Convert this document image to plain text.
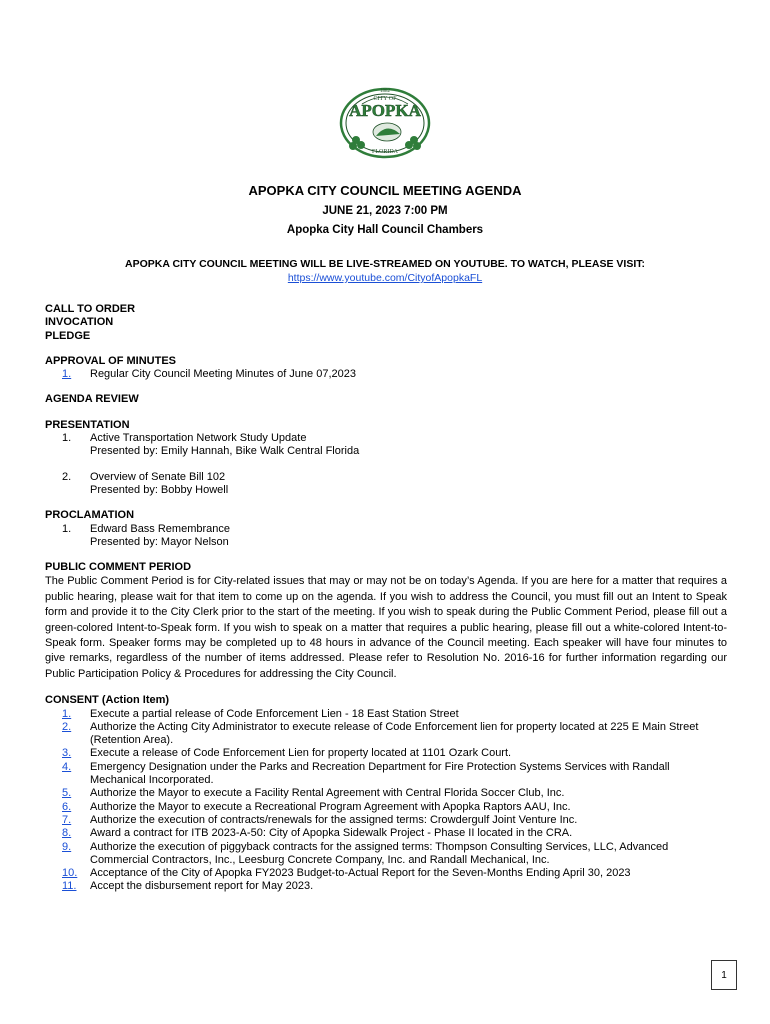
1882
CITY OF
APOPKA
FLORIDA
APOPKA CITY COUNCIL MEETING AGENDA
JUNE 21, 2023 7:00 PM
Apopka City Hall Council Chambers
APOPKA CITY COUNCIL MEETING WILL BE LIVE-STREAMED ON YOUTUBE. TO WATCH, PLEASE VISIT:
https://www.youtube.com/CityofApopkaFL
CALL TO ORDER
INVOCATION
PLEDGE
APPROVAL OF MINUTES
1.	Regular City Council Meeting Minutes of June 07,2023
AGENDA REVIEW
PRESENTATION
1.	Active Transportation Network Study Update
Presented by: Emily Hannah, Bike Walk Central Florida
2.	Overview of Senate Bill 102
Presented by: Bobby Howell
PROCLAMATION
1.	Edward Bass Remembrance
Presented by: Mayor Nelson
PUBLIC COMMENT PERIOD
The Public Comment Period is for City-related issues that may or may not be on today’s Agenda. If you are here for a matter that requires a public hearing, please wait for that item to come up on the agenda. If you wish to address the Council, you must fill out an Intent to Speak form and provide it to the City Clerk prior to the start of the meeting. If you wish to speak during the Public Comment Period, please fill out a green-colored Intent-to-Speak form. If you wish to speak on a matter that requires a public hearing, please fill out a white-colored Intent-to-Speak form. Speaker forms may be completed up to 48 hours in advance of the Council meeting. Each speaker will have four minutes to give remarks, regardless of the number of items addressed. Please refer to Resolution No. 2016-16 for further information regarding our Public Participation Policy & Procedures for addressing the City Council.
CONSENT (Action Item)
1.	Execute a partial release of Code Enforcement Lien - 18 East Station Street
2.	Authorize the Acting City Administrator to execute release of Code Enforcement lien for property located at 225 E Main Street (Retention Area).
3.	Execute a release of Code Enforcement Lien for property located at 1101 Ozark Court.
4.	Emergency Designation under the Parks and Recreation Department for Fire Protection Systems Services with Randall Mechanical Incorporated.
5.	Authorize the Mayor to execute a Facility Rental Agreement with Central Florida Soccer Club, Inc.
6.	Authorize the Mayor to execute a Recreational Program Agreement with Apopka Raptors AAU, Inc.
7.	Authorize the execution of contracts/renewals for the assigned terms: Crowdergulf Joint Venture Inc.
8.	Award a contract for ITB 2023-A-50: City of Apopka Sidewalk Project - Phase II located in the CRA.
9.	Authorize the execution of piggyback contracts for the assigned terms: Thompson Consulting Services, LLC, Advanced Commercial Contractors, Inc., Leesburg Concrete Company, Inc. and Randall Mechanical, Inc.
10.	Acceptance of the City of Apopka FY2023 Budget-to-Actual Report for the Seven-Months Ending April 30, 2023
11.	Accept the disbursement report for May 2023.
1
